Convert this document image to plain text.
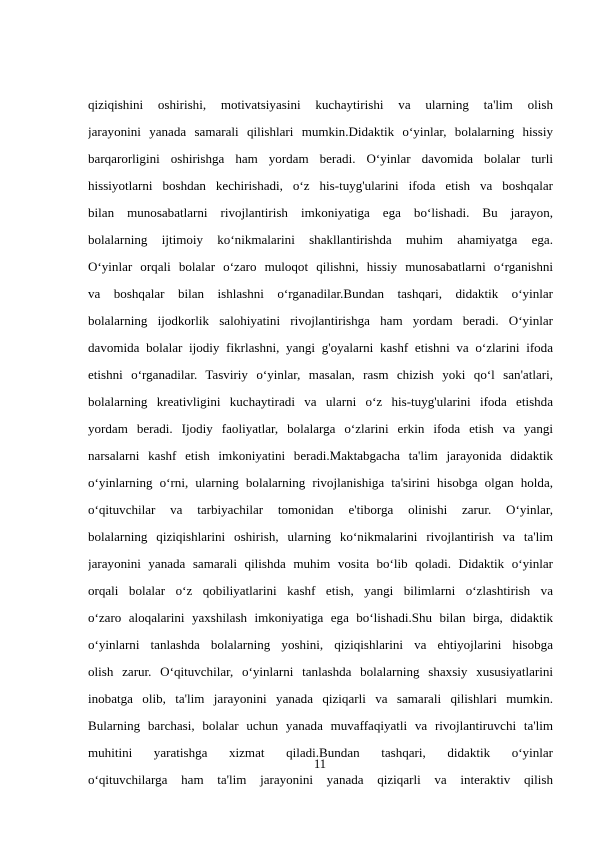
qiziqishini oshirishi, motivatsiyasini kuchaytirishi va ularning ta'lim olish
jarayonini yanada samarali qilishlari mumkin.Didaktik o‘yinlar, bolalarning hissiy
barqarorligini oshirishga ham yordam beradi. O‘yinlar davomida bolalar turli
hissiyotlarni boshdan kechirishadi, o‘z his-tuyg'ularini ifoda etish va boshqalar
bilan munosabatlarni rivojlantirish imkoniyatiga ega bo‘lishadi. Bu jarayon,
bolalarning ijtimoiy ko‘nikmalarini shakllantirishda muhim ahamiyatga ega.
O‘yinlar orqali bolalar o‘zaro muloqot qilishni, hissiy munosabatlarni o‘rganishni
va boshqalar bilan ishlashni o‘rganadilar.Bundan tashqari, didaktik o‘yinlar
bolalarning ijodkorlik salohiyatini rivojlantirishga ham yordam beradi. O‘yinlar
davomida bolalar ijodiy fikrlashni, yangi g'oyalarni kashf etishni va o‘zlarini ifoda
etishni o‘rganadilar. Tasviriy o‘yinlar, masalan, rasm chizish yoki qo‘l san'atlari,
bolalarning kreativligini kuchaytiradi va ularni o‘z his-tuyg'ularini ifoda etishda
yordam beradi. Ijodiy faoliyatlar, bolalarga o‘zlarini erkin ifoda etish va yangi
narsalarni kashf etish imkoniyatini beradi.Maktabgacha ta'lim jarayonida didaktik
o‘yinlarning o‘rni, ularning bolalarning rivojlanishiga ta'sirini hisobga olgan holda,
o‘qituvchilar va tarbiyachilar tomonidan e'tiborga olinishi zarur. O‘yinlar,
bolalarning qiziqishlarini oshirish, ularning ko‘nikmalarini rivojlantirish va ta'lim
jarayonini yanada samarali qilishda muhim vosita bo‘lib qoladi. Didaktik o‘yinlar
orqali bolalar o‘z qobiliyatlarini kashf etish, yangi bilimlarni o‘zlashtirish va
o‘zaro aloqalarini yaxshilash imkoniyatiga ega bo‘lishadi.Shu bilan birga, didaktik
o‘yinlarni tanlashda bolalarning yoshini, qiziqishlarini va ehtiyojlarini hisobga
olish zarur. O‘qituvchilar, o‘yinlarni tanlashda bolalarning shaxsiy xususiyatlarini
inobatga olib, ta'lim jarayonini yanada qiziqarli va samarali qilishlari mumkin.
Bularning barchasi, bolalar uchun yanada muvaffaqiyatli va rivojlantiruvchi ta'lim
muhitini yaratishga xizmat qiladi.Bundan tashqari, didaktik o‘yinlar
o‘qituvchilarga ham ta'lim jarayonini yanada qiziqarli va interaktiv qilish
11
